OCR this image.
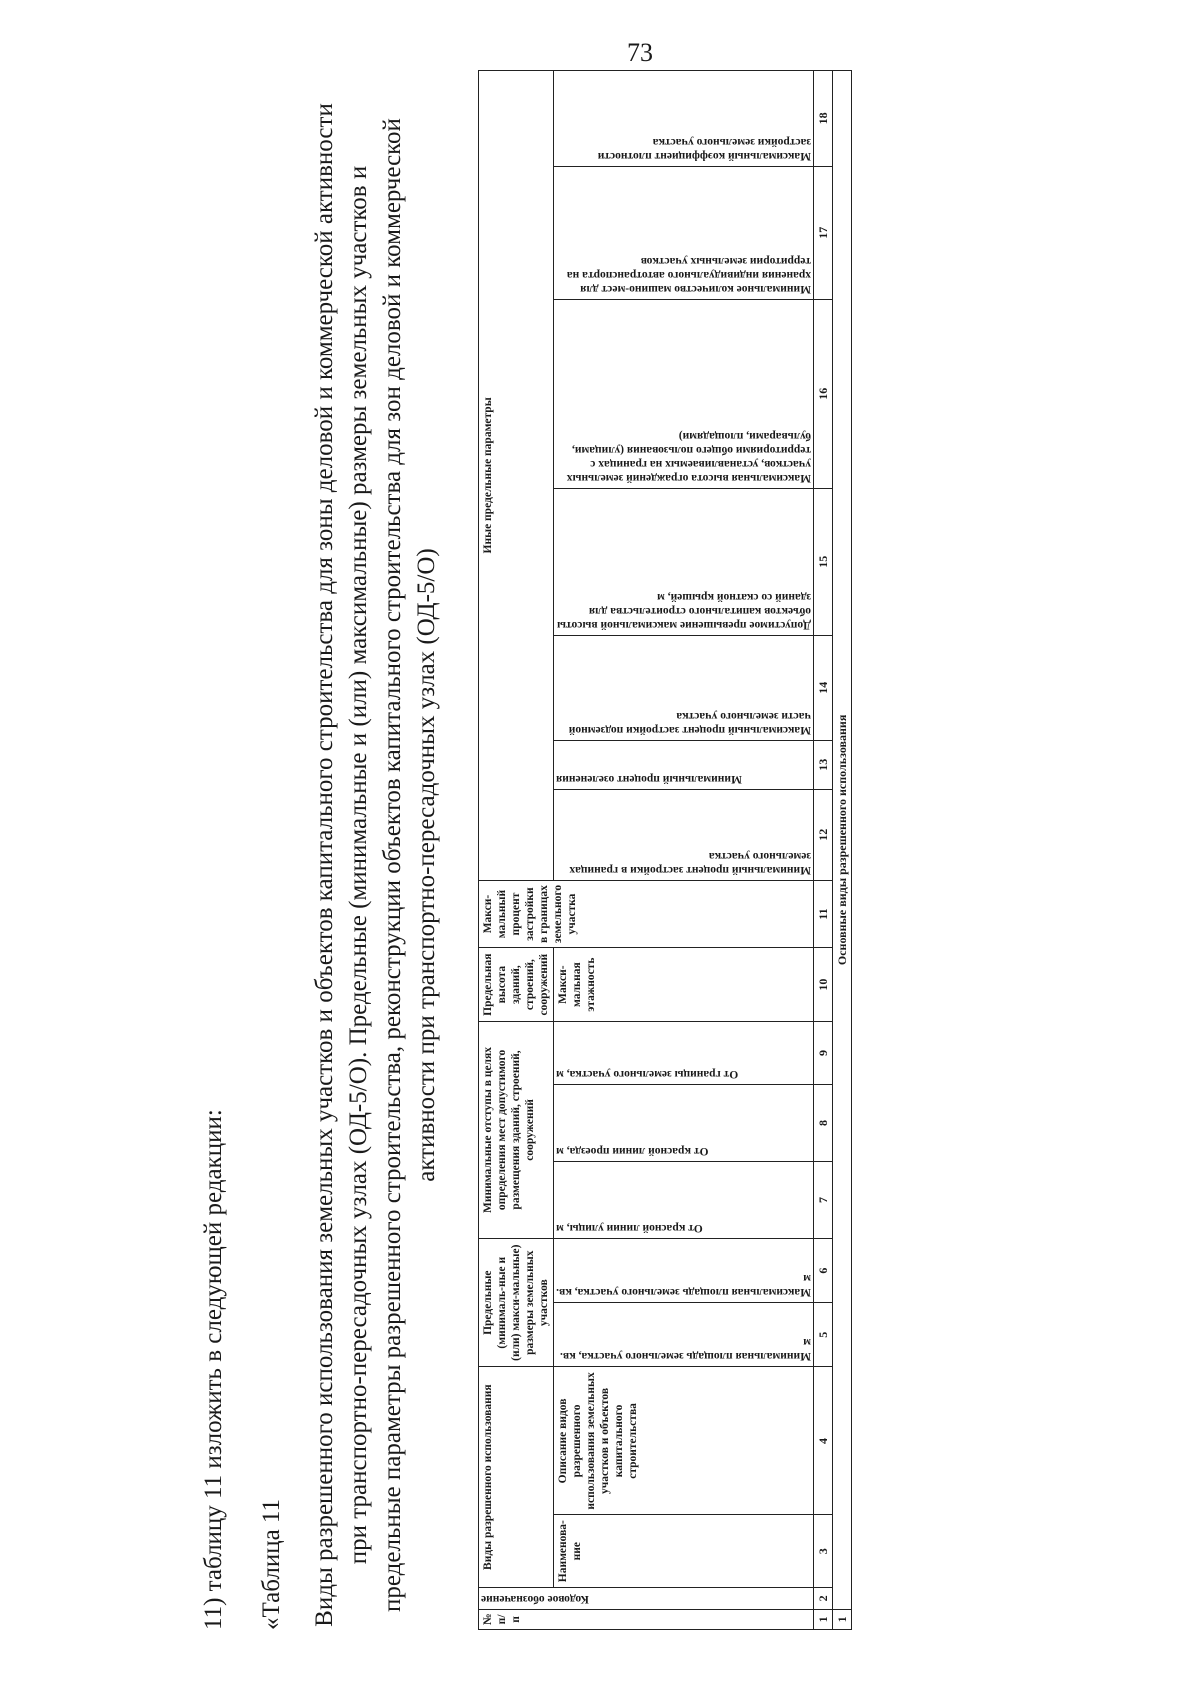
73
11) таблицу 11 изложить в следующей редакции: «Таблица 11 Виды разрешенного использования земельных участков и объектов капитального строительства для зоны деловой и коммерческой активности при транспортно-пересадочных узлах (ОД-5/О). Предельные (минимальные и (или) максимальные) размеры земельных участков и предельные параметры разрешенного строительства, реконструкции объектов капитального строительства для зон деловой и коммерческой активности при транспортно-пересадочных узлах (ОД-5/О)
№ п/п	Кодовое обозначение	Виды разрешенного использования		Предельные (минималь-ные и (или) макси-мальные) размеры земельных участков		Минимальные отступы в целях определения мест допустимого размещения зданий, строений, сооружений			Предельная высота зданий, строений, сооружений	Макси-мальный процент застройки в границах земельного участка	Иные предельные параметры						
		Наименова-ние	Описание видов разрешенного использования земельных участков и объектов капитального строительства	Минимальная площадь земельного участка, кв. м	Максимальная площадь земельного участка, кв. м	От красной линии улицы, м	От красной линии проезда, м	От границы земельного участка, м	Макси-мальная этажность		Минимальный процент застройки в границах земельного участка	Минимальный процент озеленения	Максимальный процент застройки подземной части земельного участка	Допустимое превышение максимальной высоты объектов капитального строительства для зданий со скатной крышей, м	Максимальная высота ограждений земельных участков, устанавливаемых на границах с территориями общего пользования (улицами, бульварами, площадями)	Минимальное количество машино-мест для хранения индивидуального автотранспорта на территории земельных участков	Максимальный коэффициент плотности застройки земельного участка

1	2	3	4	5	6	7	8	9	10	11	12	13	14	15	16	17	18
1	Основные виды разрешенного использования																
